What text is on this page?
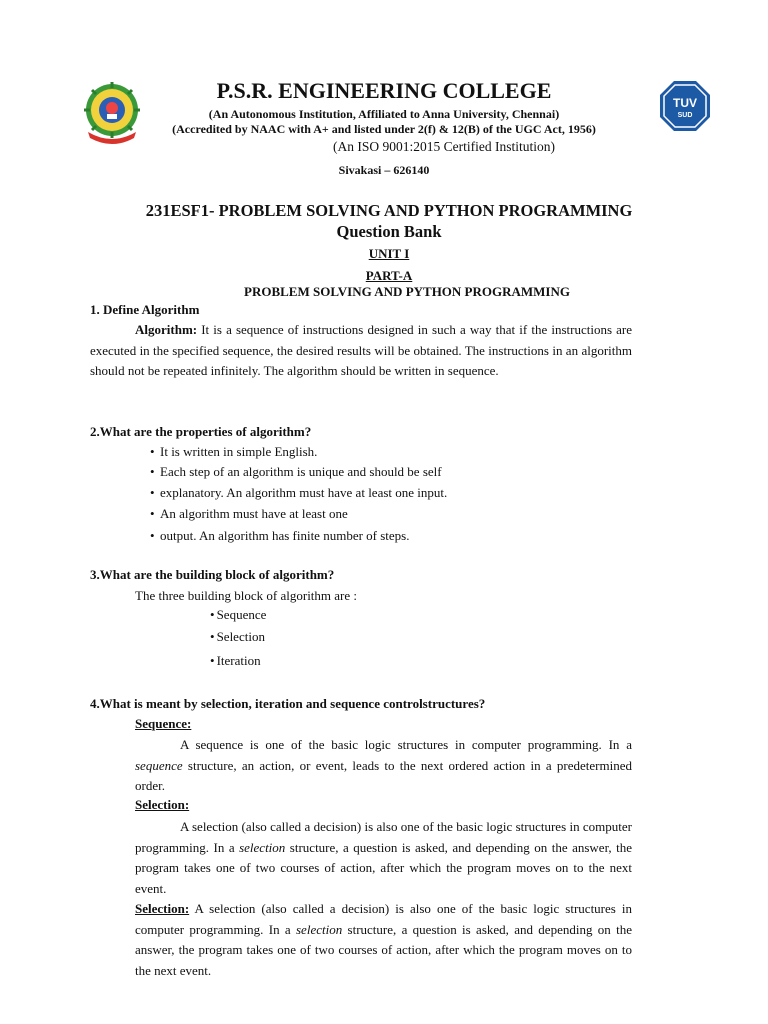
TUV
SUD
P.S.R. ENGINEERING COLLEGE
(An Autonomous Institution, Affiliated to Anna University, Chennai)
(Accredited by NAAC with A+ and listed under 2(f) & 12(B) of the UGC Act, 1956)
(An ISO 9001:2015 Certified Institution)
Sivakasi – 626140
231ESF1- PROBLEM SOLVING AND PYTHON PROGRAMMING
Question Bank
UNIT I
PART-A
PROBLEM SOLVING AND PYTHON PROGRAMMING
1. Define Algorithm

Algorithm: It is a sequence of instructions designed in such a way that if the instructions are executed in the specified sequence, the desired results will be obtained. The instructions in an algorithm should not be repeated infinitely. The algorithm should be written in sequence.

2.What are the properties of algorithm?
• It is written in simple English.
• Each step of an algorithm is unique and should be self
• explanatory. An algorithm must have at least one input.
• An algorithm must have at least one
• output. An algorithm has finite number of steps.
3.What are the building block of algorithm?
The three building block of algorithm are :
• Sequence
• Selection
• Iteration
4.What is meant by selection, iteration and sequence controlstructures?
Sequence:

A sequence is one of the basic logic structures in computer programming. In a sequence structure, an action, or event, leads to the next ordered action in a predetermined order.

Selection:

A selection (also called a decision) is also one of the basic logic structures in computer programming. In a selection structure, a question is asked, and depending on the answer, the program takes one of two courses of action, after which the program moves on to the next event.

Selection: A selection (also called a decision) is also one of the basic logic structures in computer programming. In a selection structure, a question is asked, and depending on the answer, the program takes one of two courses of action, after which the program moves on to the next event.
